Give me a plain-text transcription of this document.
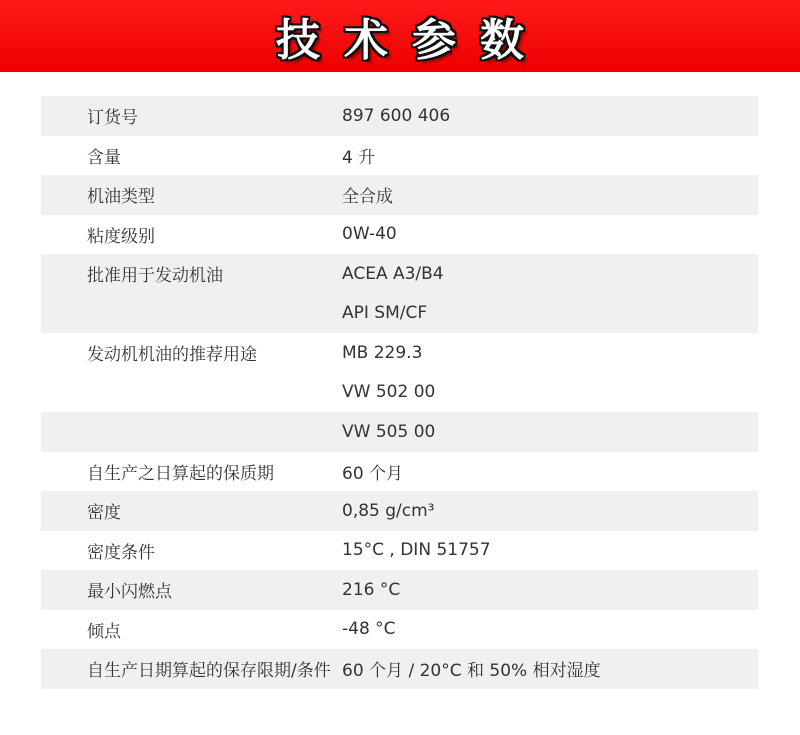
技术参数
订货号	897 600 406
含量	4 升
机油类型	全合成
粘度级别	0W-40
批准用于发动机油	ACEA A3/B4
API SM/CF
发动机机油的推荐用途	MB 229.3
VW 502 00
VW 505 00
自生产之日算起的保质期	60 个月
密度	0,85 g/cm³
密度条件	15°C , DIN 51757
最小闪燃点	216 °C
倾点	-48 °C
自生产日期算起的保存限期/条件 60 个月 / 20°C 和 50% 相对湿度
